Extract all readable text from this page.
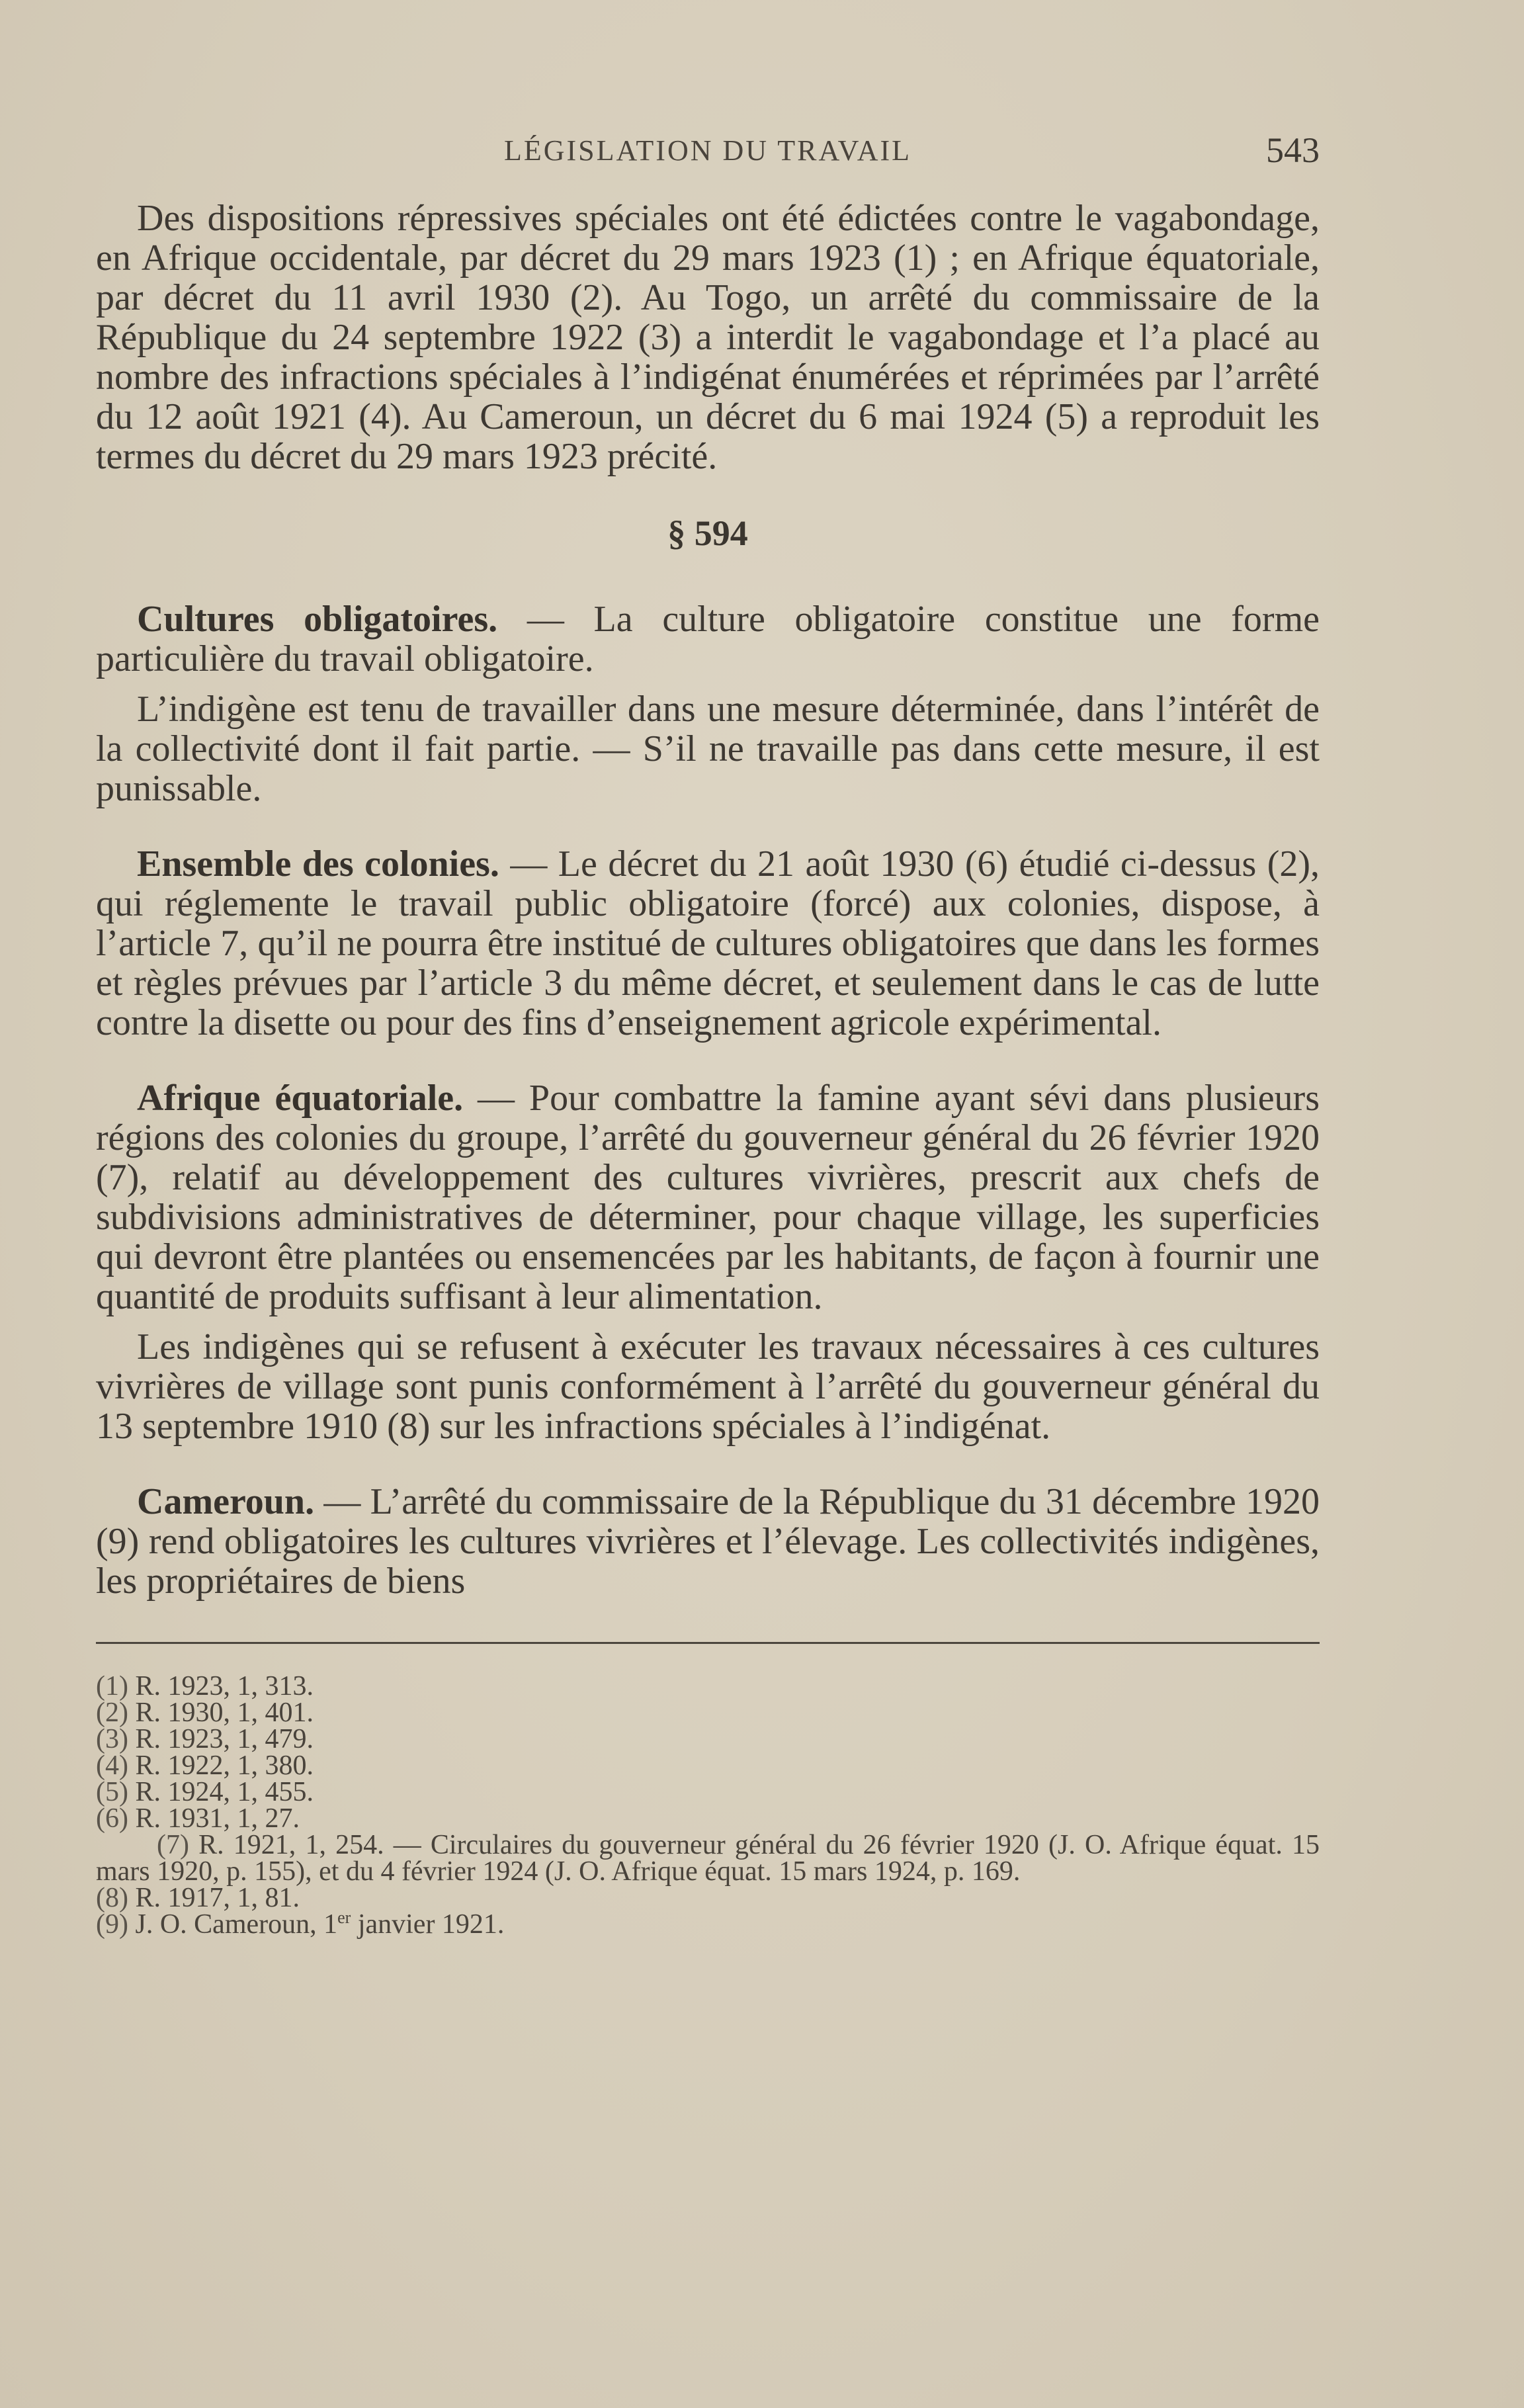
LÉGISLATION DU TRAVAIL	543

Des dispositions répressives spéciales ont été édictées contre le vagabondage, en Afrique occidentale, par décret du 29 mars 1923 (1) ; en Afrique équatoriale, par décret du 11 avril 1930 (2). Au Togo, un arrêté du commissaire de la République du 24 septembre 1922 (3) a interdit le vagabondage et l’a placé au nombre des infractions spéciales à l’indigénat énumérées et réprimées par l’arrêté du 12 août 1921 (4). Au Cameroun, un décret du 6 mai 1924 (5) a reproduit les termes du décret du 29 mars 1923 précité.

§ 594

Cultures obligatoires. — La culture obligatoire constitue une forme particulière du travail obligatoire.

L’indigène est tenu de travailler dans une mesure déterminée, dans l’intérêt de la collectivité dont il fait partie. — S’il ne travaille pas dans cette mesure, il est punissable.

Ensemble des colonies. — Le décret du 21 août 1930 (6) étudié ci-dessus (2), qui réglemente le travail public obligatoire (forcé) aux colonies, dispose, à l’article 7, qu’il ne pourra être institué de cultures obligatoires que dans les formes et règles prévues par l’article 3 du même décret, et seulement dans le cas de lutte contre la disette ou pour des fins d’enseignement agricole expérimental.

Afrique équatoriale. — Pour combattre la famine ayant sévi dans plusieurs régions des colonies du groupe, l’arrêté du gouverneur général du 26 février 1920 (7), relatif au développement des cultures vivrières, prescrit aux chefs de subdivisions administratives de déterminer, pour chaque village, les superficies qui devront être plantées ou ensemencées par les habitants, de façon à fournir une quantité de produits suffisant à leur alimentation.

Les indigènes qui se refusent à exécuter les travaux nécessaires à ces cultures vivrières de village sont punis conformément à l’arrêté du gouverneur général du 13 septembre 1910 (8) sur les infractions spéciales à l’indigénat.

Cameroun. — L’arrêté du commissaire de la République du 31 décembre 1920 (9) rend obligatoires les cultures vivrières et l’élevage. Les collectivités indigènes, les propriétaires de biens

(1) R. 1923, 1, 313.
(2) R. 1930, 1, 401.
(3) R. 1923, 1, 479.
(4) R. 1922, 1, 380.
(5) R. 1924, 1, 455.
(6) R. 1931, 1, 27.
(7) R. 1921, 1, 254. — Circulaires du gouverneur général du 26 février 1920 (J. O. Afrique équat. 15 mars 1920, p. 155), et du 4 février 1924 (J. O. Afrique équat. 15 mars 1924, p. 169.
(8) R. 1917, 1, 81.
(9) J. O. Cameroun, 1er janvier 1921.
